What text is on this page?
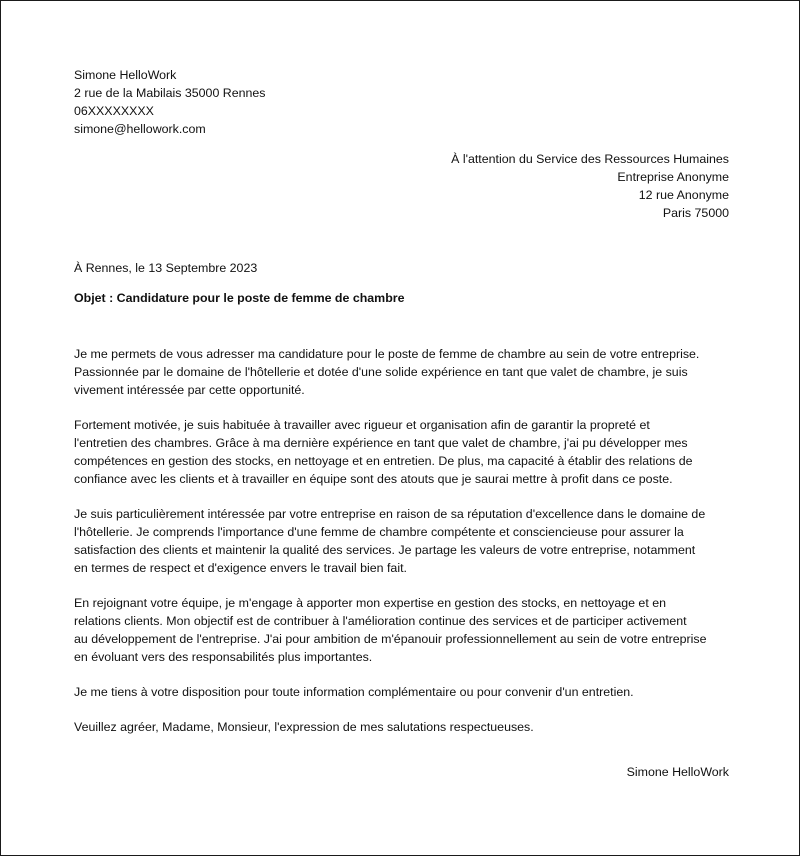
Simone HelloWork
2 rue de la Mabilais 35000 Rennes
06XXXXXXXX
simone@hellowork.com
À l'attention du Service des Ressources Humaines
Entreprise Anonyme
12 rue Anonyme
Paris 75000
À Rennes, le 13 Septembre 2023
Objet : Candidature pour le poste de femme de chambre

Je me permets de vous adresser ma candidature pour le poste de femme de chambre au sein de votre entreprise.
Passionnée par le domaine de l'hôtellerie et dotée d'une solide expérience en tant que valet de chambre, je suis
vivement intéressée par cette opportunité.

Fortement motivée, je suis habituée à travailler avec rigueur et organisation afin de garantir la propreté et
l'entretien des chambres. Grâce à ma dernière expérience en tant que valet de chambre, j'ai pu développer mes
compétences en gestion des stocks, en nettoyage et en entretien. De plus, ma capacité à établir des relations de
confiance avec les clients et à travailler en équipe sont des atouts que je saurai mettre à profit dans ce poste.

Je suis particulièrement intéressée par votre entreprise en raison de sa réputation d'excellence dans le domaine de
l'hôtellerie. Je comprends l'importance d'une femme de chambre compétente et consciencieuse pour assurer la
satisfaction des clients et maintenir la qualité des services. Je partage les valeurs de votre entreprise, notamment
en termes de respect et d'exigence envers le travail bien fait.

En rejoignant votre équipe, je m'engage à apporter mon expertise en gestion des stocks, en nettoyage et en
relations clients. Mon objectif est de contribuer à l'amélioration continue des services et de participer activement
au développement de l'entreprise. J'ai pour ambition de m'épanouir professionnellement au sein de votre entreprise
en évoluant vers des responsabilités plus importantes.

Je me tiens à votre disposition pour toute information complémentaire ou pour convenir d'un entretien.

Veuillez agréer, Madame, Monsieur, l'expression de mes salutations respectueuses.

Simone HelloWork
